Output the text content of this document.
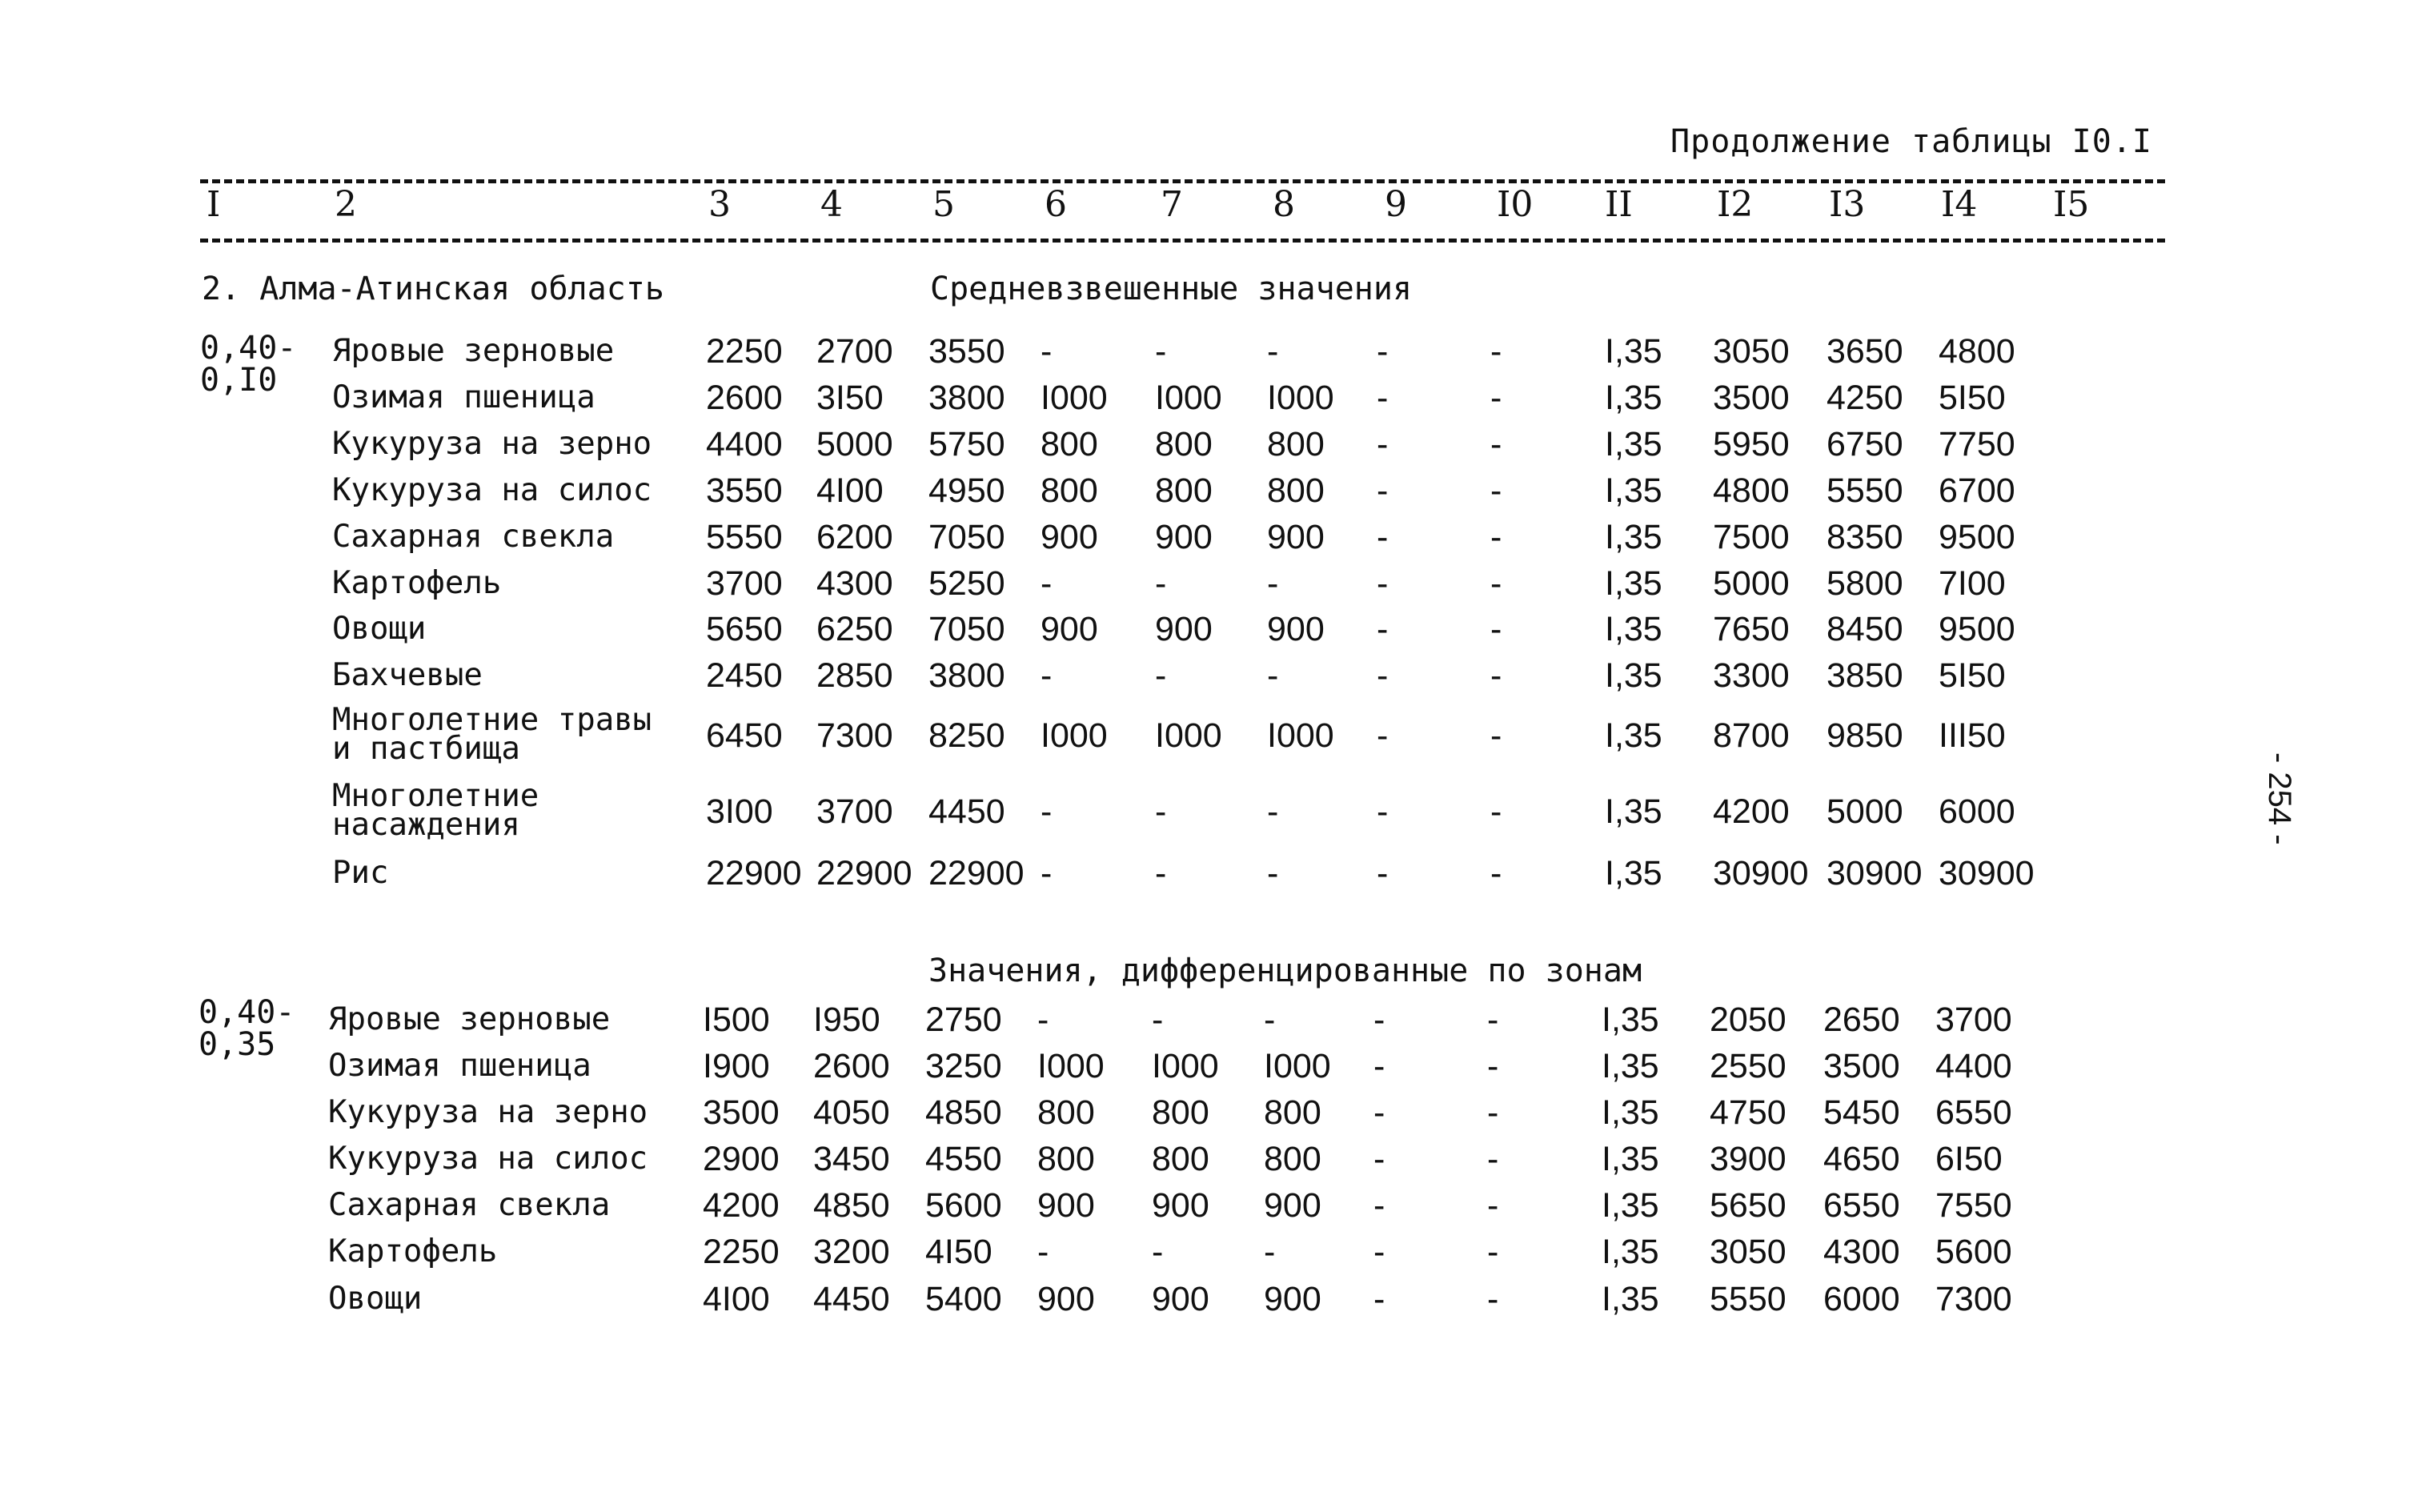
Продолжение таблицы I0.I
I	2	3	4	5	6	7	8	9	I0 II I2 I3 I4 I5
2. Алма-Атинская область	Средневзвешенные значения
0,40-
0,I0
Яровые зерновые	2250 2700 3550 -	-	-	-	-	I,35 3050 3650 4800
Озимая пшеница	2600 3I50 3800 I000 I000 I000 -	-	I,35 3500 4250 5I50
Кукуруза на зерно 4400 5000 5750 800 800 800 -	-	I,35 5950 6750 7750
Кукуруза на силос 3550 4I00 4950 800 800 800 -	-	I,35 4800 5550 6700
Сахарная свекла	5550 6200 7050 900 900 900 -	-	I,35 7500 8350 9500
Картофель	3700 4300 5250 -	-	-	-	-	I,35 5000 5800 7I00
Овощи	5650 6250 7050 900 900 900 -	-	I,35 7650 8450 9500
Бахчевые	2450 2850 3800 -	-	-	-	-	I,35 3300 3850 5I50
Многолетние травы
и пастбища	6450 7300 8250 I000 I000 I000 -	-	I,35 8700 9850 III50
Многолетние
насаждения	3I00 3700 4450 -	-	-	-	-	I,35 4200 5000 6000
Рис	22900 22900 22900 -	-	-	-	-	I,35 30900 30900 30900
Значения, дифференцированные по зонам
0,40-
0,35
Яровые зерновые	I500 I950 2750 -	-	-	-	-	I,35 2050 2650 3700
Озимая пшеница	I900 2600 3250 I000 I000 I000 -	-	I,35 2550 3500 4400
Кукуруза на зерно 3500 4050 4850 800 800 800 -	-	I,35 4750 5450 6550
Кукуруза на силос 2900 3450 4550 800 800 800 -	-	I,35 3900 4650 6I50
Сахарная свекла	4200 4850 5600 900 900 900 -	-	I,35 5650 6550 7550
Картофель	2250 3200 4I50 -	-	-	-	-	I,35 3050 4300 5600
Овощи	4I00 4450 5400 900 900 900 -	-	I,35 5550 6000 7300
- 254 -
